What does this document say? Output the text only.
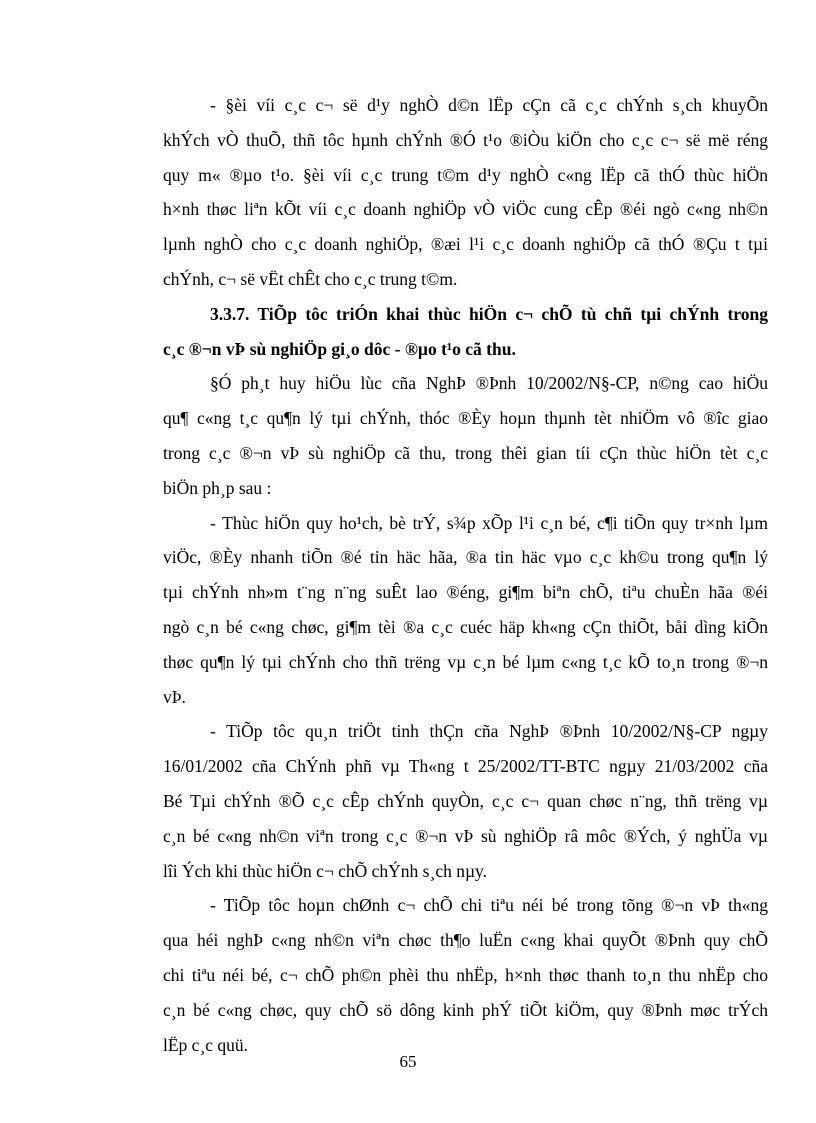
- §èi víi c¸c c¬ së d¹y nghÒ d©n lËp cÇn cã c¸c chÝnh s¸ch khuyÕn
khÝch vÒ thuÕ, thñ tôc hµnh chÝnh ®Ó t¹o ®iÒu kiÖn cho c¸c c¬ së më réng
quy m« ®µo t¹o. §èi víi c¸c trung t©m d¹y nghÒ c«ng lËp cã thÓ thùc hiÖn
h×nh thøc liªn kÕt víi c¸c doanh nghiÖp vÒ viÖc cung cÊp ®éi ngò c«ng nh©n
lµnh nghÒ cho c¸c doanh nghiÖp, ®æi l¹i c¸c doanh nghiÖp cã thÓ ®Çu t tµi
chÝnh, c¬ së vËt chÊt cho c¸c trung t©m.
3.3.7. TiÕp tôc triÓn khai thùc hiÖn c¬ chÕ tù chñ tµi chÝnh trong
c¸c ®¬n vÞ sù nghiÖp gi¸o dôc - ®µo t¹o cã thu.
§Ó ph¸t huy hiÖu lùc cña NghÞ ®Þnh 10/2002/N§-CP, n©ng cao hiÖu
qu¶ c«ng t¸c qu¶n lý tµi chÝnh, thóc ®Èy hoµn thµnh tèt nhiÖm vô ®îc giao
trong c¸c ®¬n vÞ sù nghiÖp cã thu, trong thêi gian tíi cÇn thùc hiÖn tèt c¸c
biÖn ph¸p sau :
- Thùc hiÖn quy ho¹ch, bè trÝ, s¾p xÕp l¹i c¸n bé, c¶i tiÕn quy tr×nh lµm
viÖc, ®Èy nhanh tiÕn ®é tin häc hãa, ®a tin häc vµo c¸c kh©u trong qu¶n lý
tµi chÝnh nh»m t¨ng n¨ng suÊt lao ®éng, gi¶m biªn chÕ, tiªu chuÈn hãa ®éi
ngò c¸n bé c«ng chøc, gi¶m tèi ®a c¸c cuéc häp kh«ng cÇn thiÕt, båi dìng kiÕn
thøc qu¶n lý tµi chÝnh cho thñ trëng vµ c¸n bé lµm c«ng t¸c kÕ to¸n trong ®¬n
vÞ.
- TiÕp tôc qu¸n triÖt tinh thÇn cña NghÞ ®Þnh 10/2002/N§-CP ngµy
16/01/2002 cña ChÝnh phñ vµ Th«ng t 25/2002/TT-BTC ngµy 21/03/2002 cña
Bé Tµi chÝnh ®Õ c¸c cÊp chÝnh quyÒn, c¸c c¬ quan chøc n¨ng, thñ trëng vµ
c¸n bé c«ng nh©n viªn trong c¸c ®¬n vÞ sù nghiÖp râ môc ®Ých, ý nghÜa vµ
lîi Ých khi thùc hiÖn c¬ chÕ chÝnh s¸ch nµy.
- TiÕp tôc hoµn chØnh c¬ chÕ chi tiªu néi bé trong tõng ®¬n vÞ th«ng
qua héi nghÞ c«ng nh©n viªn chøc th¶o luËn c«ng khai quyÕt ®Þnh quy chÕ
chi tiªu néi bé, c¬ chÕ ph©n phèi thu nhËp, h×nh thøc thanh to¸n thu nhËp cho
c¸n bé c«ng chøc, quy chÕ sö dông kinh phÝ tiÕt kiÖm, quy ®Þnh møc trÝch
lËp c¸c quü.
65
